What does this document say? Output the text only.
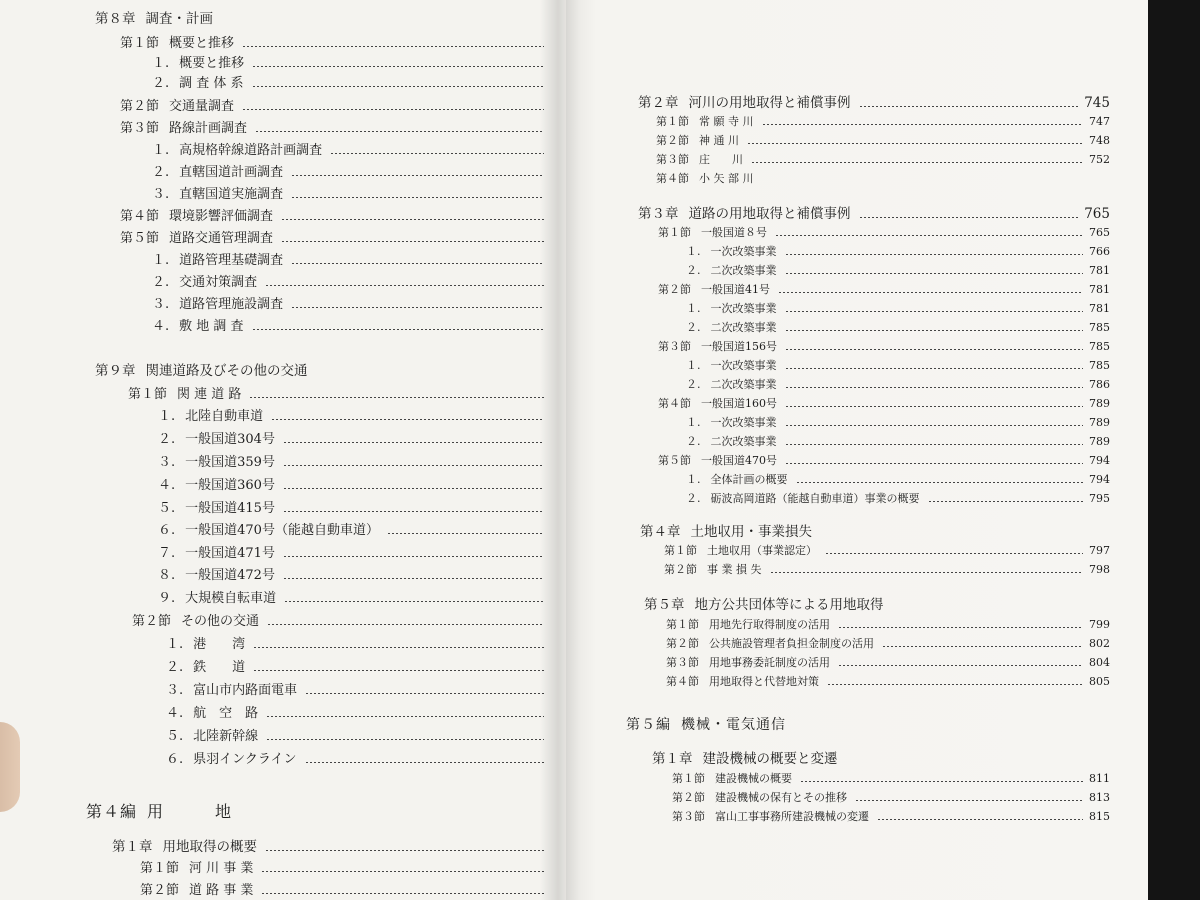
第８章 調査・計画
第１節 概要と推移
１. 概要と推移
２. 調 査 体 系
第２節 交通量調査
第３節 路線計画調査
１. 高規格幹線道路計画調査
２. 直轄国道計画調査
３. 直轄国道実施調査
第４節 環境影響評価調査
第５節 道路交通管理調査
１. 道路管理基礎調査
２. 交通対策調査
３. 道路管理施設調査
４. 敷 地 調 査
第９章 関連道路及びその他の交通
第１節 関 連 道 路
１. 北陸自動車道
２. 一般国道304号
３. 一般国道359号
４. 一般国道360号
５. 一般国道415号
６. 一般国道470号（能越自動車道）
７. 一般国道471号
８. 一般国道472号
９. 大規模自転車道
第２節 その他の交通
１. 港　　湾
２. 鉄　　道
３. 富山市内路面電車
４. 航　空　路
５. 北陸新幹線
６. 県羽インクライン
第４編 用　　　地
第１章 用地取得の概要
第１節 河 川 事 業
第２節 道 路 事 業
第２章 河川の用地取得と補償事例	745
第１節 常 願 寺 川	747
第２節 神 通 川	748
第３節 庄　　川	752
第４節 小 矢 部 川
第３章 道路の用地取得と補償事例	765
第１節 一般国道８号	765
１. 一次改築事業	766
２. 二次改築事業	781
第２節 一般国道41号	781
１. 一次改築事業	781
２. 二次改築事業	785
第３節 一般国道156号	785
１. 一次改築事業	785
２. 二次改築事業	786
第４節 一般国道160号	789
１. 一次改築事業	789
２. 二次改築事業	789
第５節 一般国道470号	794
１. 全体計画の概要	794
２. 砺波高岡道路（能越自動車道）事業の概要	795
第４章 土地収用・事業損失
第１節 土地収用（事業認定）	797
第２節 事 業 損 失	798
第５章 地方公共団体等による用地取得
第１節 用地先行取得制度の活用	799
第２節 公共施設管理者負担金制度の活用	802
第３節 用地事務委託制度の活用	804
第４節 用地取得と代替地対策	805
第５編 機械・電気通信
第１章 建設機械の概要と変遷
第１節 建設機械の概要	811
第２節 建設機械の保有とその推移	813
第３節 富山工事事務所建設機械の変遷	815
